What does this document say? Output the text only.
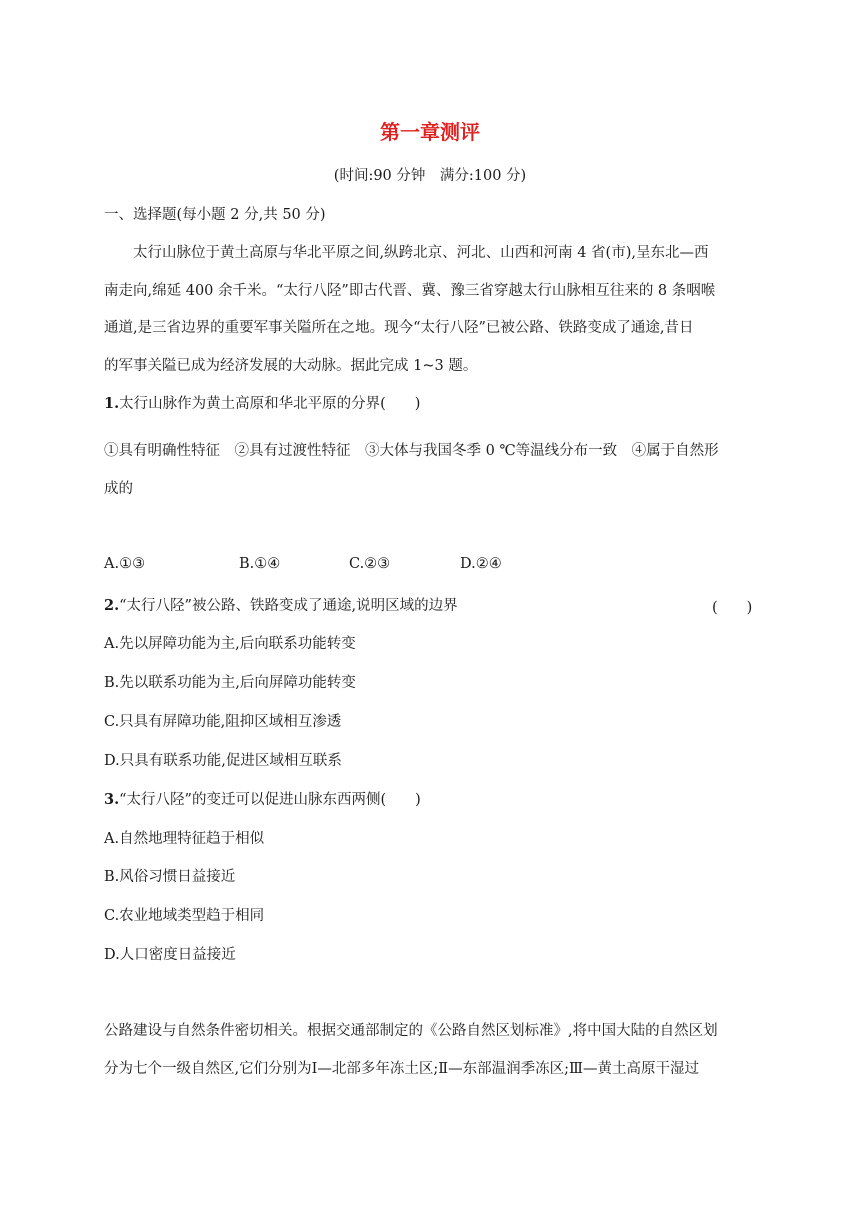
第一章测评
(时间:90 分钟　满分:100 分)
一、选择题(每小题 2 分,共 50 分)
太行山脉位于黄土高原与华北平原之间,纵跨北京、河北、山西和河南 4 省(市),呈东北—西
南走向,绵延 400 余千米。“太行八陉”即古代晋、冀、豫三省穿越太行山脉相互往来的 8 条咽喉
通道,是三省边界的重要军事关隘所在之地。现今“太行八陉”已被公路、铁路变成了通途,昔日
的军事关隘已成为经济发展的大动脉。据此完成 1~3 题。
1.太行山脉作为黄土高原和华北平原的分界(　　)
①具有明确性特征　②具有过渡性特征　③大体与我国冬季 0 ℃等温线分布一致　④属于自然形
成的
A.①③	B.①④	C.②③	D.②④
2.“太行八陉”被公路、铁路变成了通途,说明区域的边界	(　　)
A.先以屏障功能为主,后向联系功能转变
B.先以联系功能为主,后向屏障功能转变
C.只具有屏障功能,阻抑区域相互渗透
D.只具有联系功能,促进区域相互联系
3.“太行八陉”的变迁可以促进山脉东西两侧(　　)
A.自然地理特征趋于相似
B.风俗习惯日益接近
C.农业地域类型趋于相同
D.人口密度日益接近
公路建设与自然条件密切相关。根据交通部制定的《公路自然区划标准》,将中国大陆的自然区划
分为七个一级自然区,它们分别为Ⅰ—北部多年冻土区;Ⅱ—东部温润季冻区;Ⅲ—黄土高原干湿过
